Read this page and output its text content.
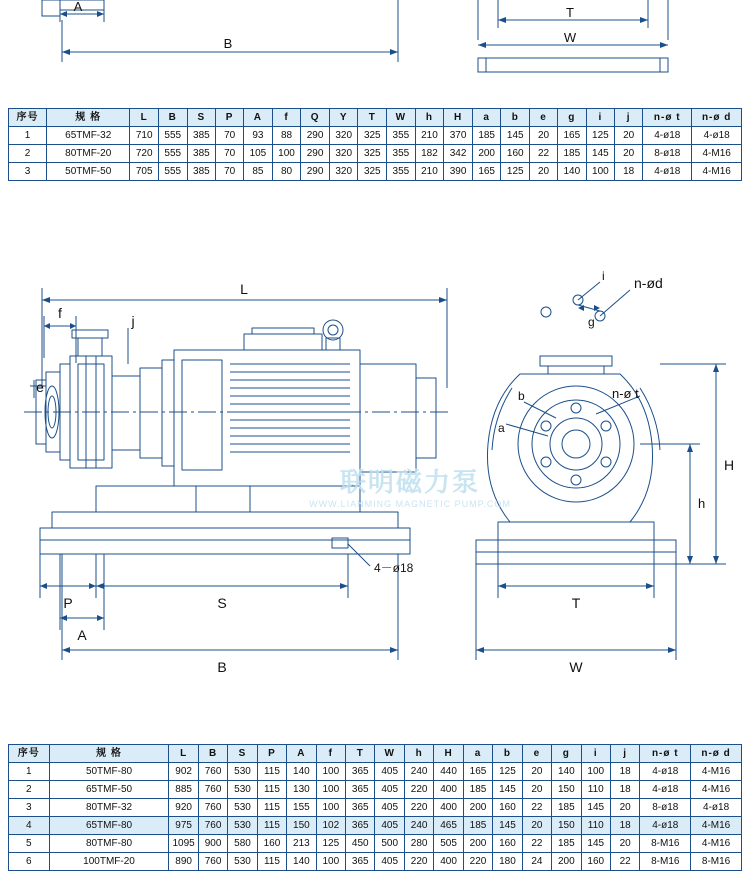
A
B
T
W
序号	规 格	L	B	S	P	A	f	Q	Y	T	W	h	H	a	b	e	g	i	j	n-ø t	n-ø d
1	65TMF-32	710	555	385	70	93	88	290	320	325	355	210	370	185	145	20	165	125	20	4-ø18	4-ø18
2	80TMF-20	720	555	385	70	105	100	290	320	325	355	182	342	200	160	22	185	145	20	8-ø18	4-M16
3	50TMF-50	705	555	385	70	85	80	290	320	325	355	210	390	165	125	20	140	100	18	4-ø18	4-M16
L
f	j
e
P	S
A
B
4－ø18
i n-ød
g
b
a
n-ø t
H
h
T
W
联明磁力泵
WWW.LIANMING MAGNETIC PUMP.COM
序号	规 格	L	B	S	P	A	f	T	W	h	H	a	b	e	g	i	j	n-ø t	n-ø d
1	50TMF-80	902	760	530	115	140	100	365	405	240	440	165	125	20	140	100	18	4-ø18	4-M16
2	65TMF-50	885	760	530	115	130	100	365	405	220	400	185	145	20	150	110	18	4-ø18	4-M16
3	80TMF-32	920	760	530	115	155	100	365	405	220	400	200	160	22	185	145	20	8-ø18	4-ø18
4	65TMF-80	975	760	530	115	150	102	365	405	240	465	185	145	20	150	110	18	4-ø18	4-M16
5	80TMF-80	1095	900	580	160	213	125	450	500	280	505	200	160	22	185	145	20	8-M16	4-M16
6	100TMF-20	890	760	530	115	140	100	365	405	220	400	220	180	24	200	160	22	8-M16	8-M16
